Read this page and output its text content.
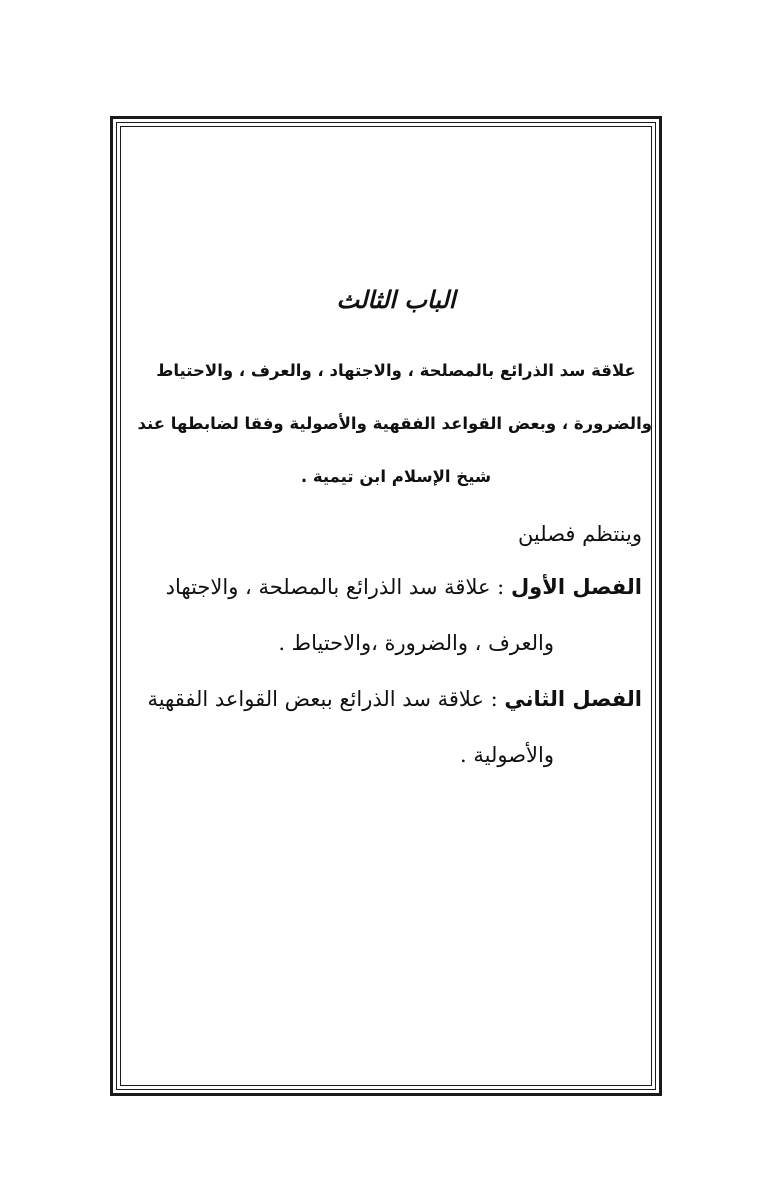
الباب الثالث
علاقة سد الذرائع بالمصلحة ، والاجتهاد ، والعرف ، والاحتياط
والضرورة ، وبعض القواعد الفقهية والأصولية وفقا لضابطها عند
شيخ الإسلام ابن تيمية .

وينتظم فصلين

الفصل الأول : علاقة سد الذرائع بالمصلحة ، والاجتهاد
والعرف ، والضرورة ،والاحتياط .

الفصل الثاني : علاقة سد الذرائع ببعض القواعد الفقهية
والأصولية .
